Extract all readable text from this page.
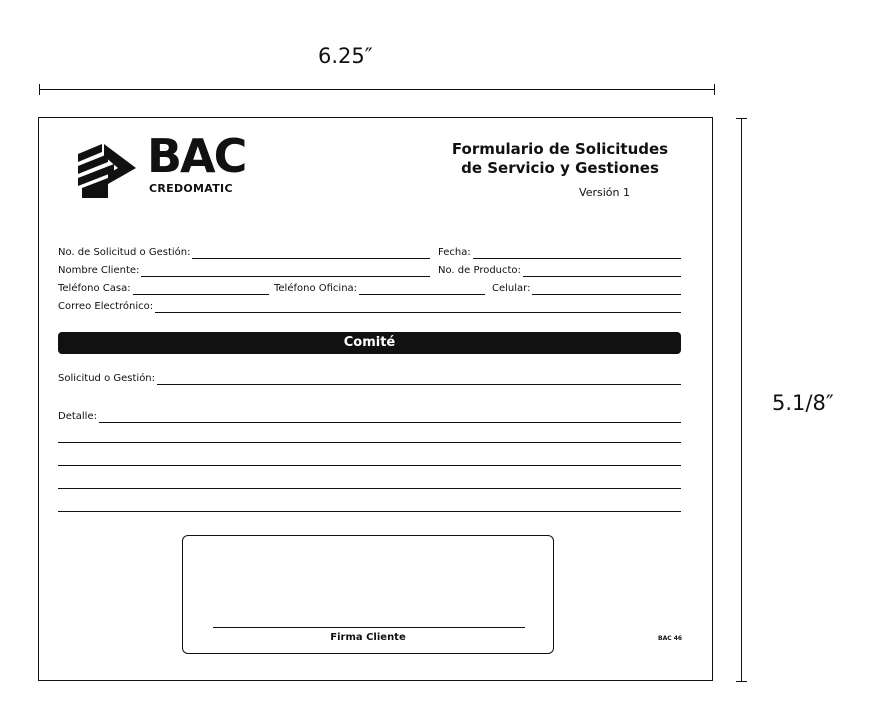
6.25″
5.1/8″
BAC
CREDOMATIC
Formulario de Solicitudes
de Servicio y Gestiones
Versión 1
No. de Solicitud o Gestión:	Fecha:
Nombre Cliente:	No. de Producto:
Teléfono Casa:	Teléfono Oficina:	Celular:
Correo Electrónico:
Comité
Solicitud o Gestión:
Detalle:
Firma Cliente	BAC 46
